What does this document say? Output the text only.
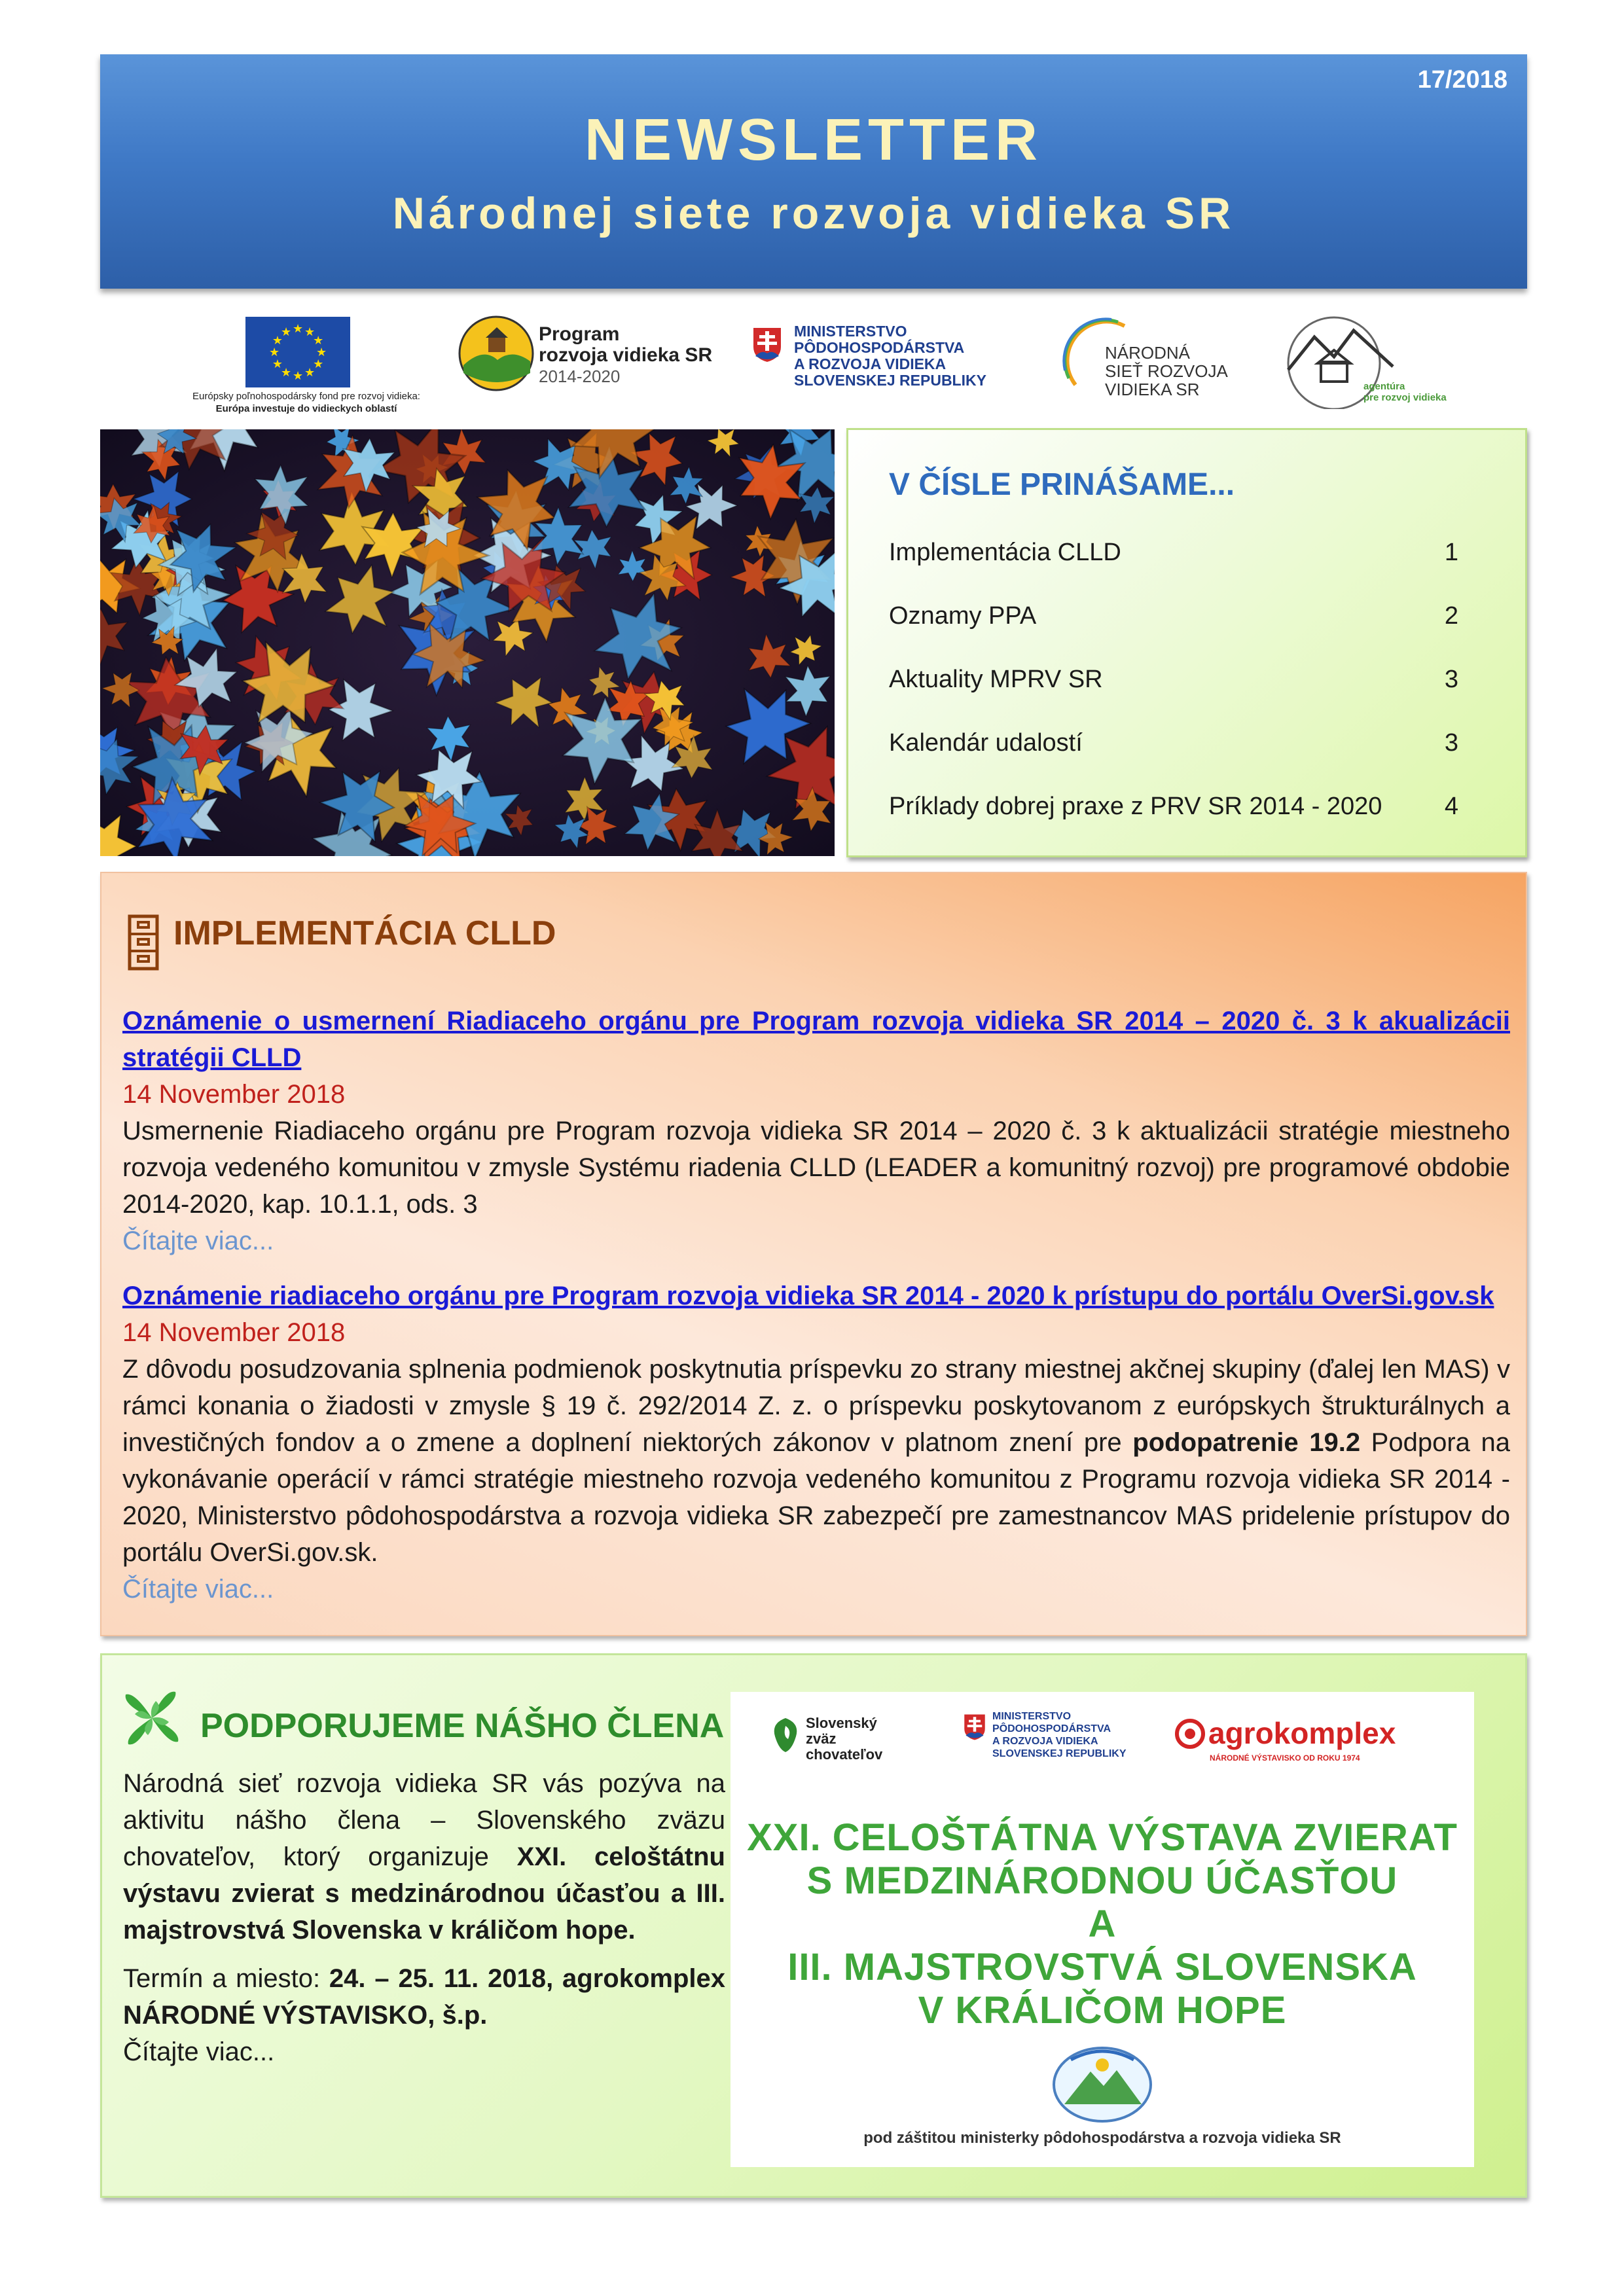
17/2018
NEWSLETTER
Národnej siete rozvoja vidieka SR
★
★
★
★
★
★
★
★
★ ★ ★
★
Európsky poľnohospodársky fond pre rozvoj vidieka:
Európa investuje do vidieckych oblastí
Program
rozvoja vidieka SR
2014-2020
MINISTERSTVO
PÔDOHOSPODÁRSTVA
A ROZVOJA VIDIEKA
SLOVENSKEJ REPUBLIKY
NÁRODNÁ
SIEŤ ROZVOJA
VIDIEKA SR	agentúra
pre rozvoj vidieka
V ČÍSLE PRINÁŠAME...
Implementácia CLLD	1
Oznamy PPA	2
Aktuality MPRV SR	3
Kalendár udalostí	3
Príklady dobrej praxe z PRV SR 2014 - 2020	4
IMPLEMENTÁCIA CLLD
Oznámenie o usmernení Riadiaceho orgánu pre Program rozvoja vidieka SR 2014 – 2020 č. 3 k akualizácii stratégii CLLD
14 November 2018
Usmernenie Riadiaceho orgánu pre Program rozvoja vidieka SR 2014 – 2020 č. 3 k aktualizácii stratégie miestneho rozvoja vedeného komunitou v zmysle Systému riadenia CLLD (LEADER a komunitný rozvoj) pre programové obdobie 2014-2020, kap. 10.1.1, ods. 3
Čítajte viac...
Oznámenie riadiaceho orgánu pre Program rozvoja vidieka SR 2014 - 2020 k prístupu do portálu OverSi.gov.sk
14 November 2018
Z dôvodu posudzovania splnenia podmienok poskytnutia príspevku zo strany miestnej akčnej skupiny (ďalej len MAS) v rámci konania o žiadosti v zmysle § 19 č. 292/2014 Z. z. o príspevku poskytovanom z európskych štrukturálnych a investičných fondov a o zmene a doplnení niektorých zákonov v platnom znení pre podopatrenie 19.2 Podpora na vykonávanie operácií v rámci stratégie miestneho rozvoja vedeného komunitou z Programu rozvoja vidieka SR 2014 - 2020, Ministerstvo pôdohospodárstva a rozvoja vidieka SR zabezpečí pre zamestnancov MAS pridelenie prístupov do portálu OverSi.gov.sk.
Čítajte viac...
PODPORUJEME NÁŠHO ČLENA
Národná sieť rozvoja vidieka SR vás pozýva na aktivitu nášho člena – Slovenského zväzu chovateľov, ktorý organizuje XXI. celoštátnu výstavu zvierat s medzinárodnou účasťou a III. majstrovstvá Slovenska v králičom hope.
Termín a miesto: 24. – 25. 11. 2018, agrokomplex NÁRODNÉ VÝSTAVISKO, š.p.
Čítajte viac...
Slovenský
zväz
chovateľov
MINISTERSTVO
PÔDOHOSPODÁRSTVA
A ROZVOJA VIDIEKA
SLOVENSKEJ REPUBLIKY
agrokomplex
NÁRODNÉ VÝSTAVISKO OD ROKU 1974
XXI. CELOŠTÁTNA VÝSTAVA ZVIERAT
S MEDZINÁRODNOU ÚČASŤOU
A
III. MAJSTROVSTVÁ SLOVENSKA
V KRÁLIČOM HOPE
pod záštitou ministerky pôdohospodárstva a rozvoja vidieka SR
